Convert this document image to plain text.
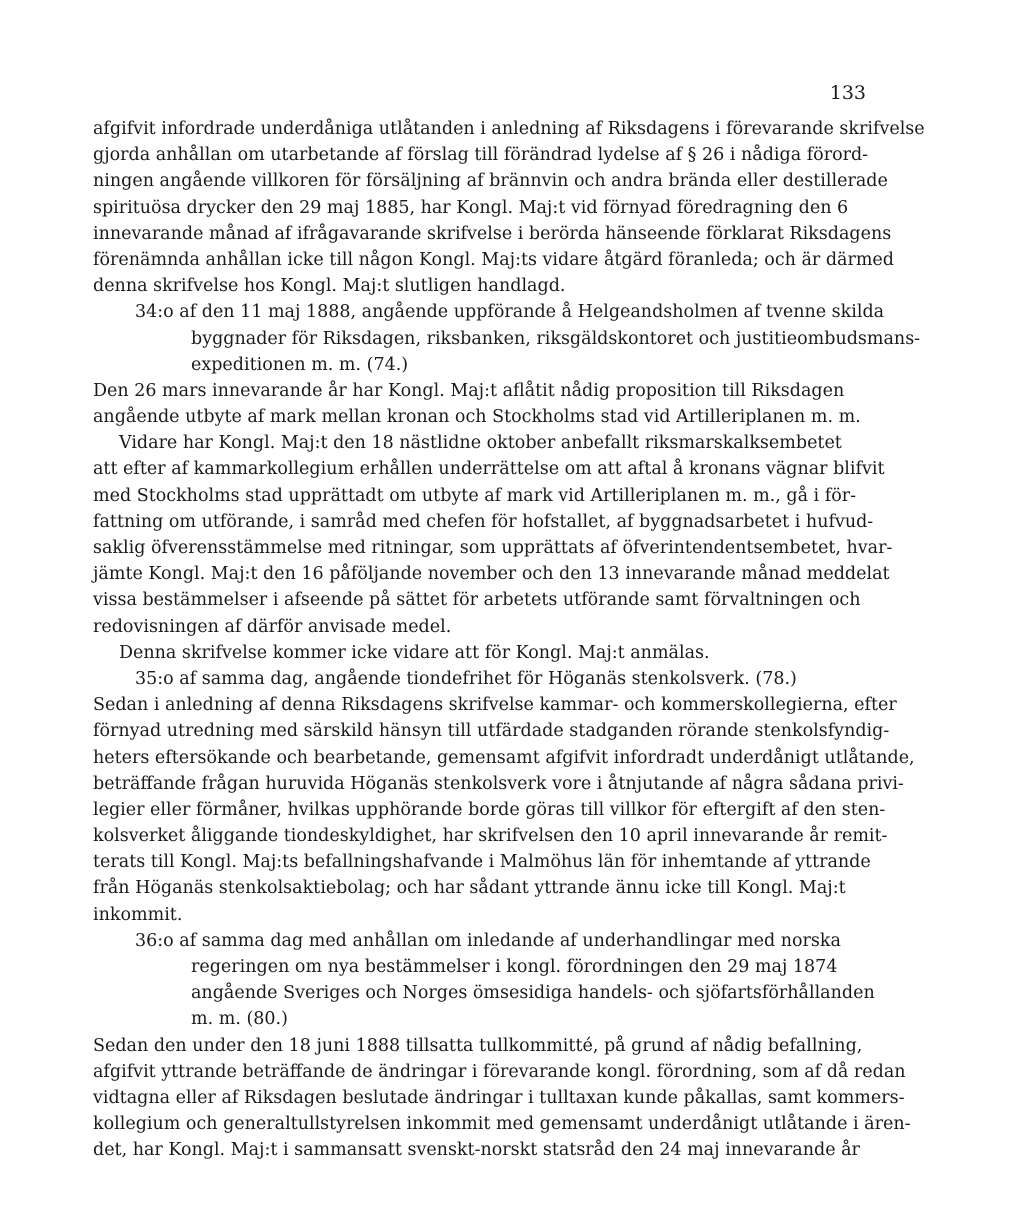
133
afgifvit infordrade underdåniga utlåtanden i anledning af Riksdagens i förevarande skrifvelse
gjorda anhållan om utarbetande af förslag till förändrad lydelse af § 26 i nådiga förord-
ningen angående villkoren för försäljning af brännvin och andra brända eller destillerade
spirituösa drycker den 29 maj 1885, har Kongl. Maj:t vid förnyad föredragning den 6
innevarande månad af ifrågavarande skrifvelse i berörda hänseende förklarat Riksdagens
förenämnda anhållan icke till någon Kongl. Maj:ts vidare åtgärd föranleda; och är därmed
denna skrifvelse hos Kongl. Maj:t slutligen handlagd.
34:o af den 11 maj 1888, angående uppförande å Helgeandsholmen af tvenne skilda
byggnader för Riksdagen, riksbanken, riksgäldskontoret och justitieombudsmans-
expeditionen m. m. (74.)
Den 26 mars innevarande år har Kongl. Maj:t aflåtit nådig proposition till Riksdagen
angående utbyte af mark mellan kronan och Stockholms stad vid Artilleriplanen m. m.
Vidare har Kongl. Maj:t den 18 nästlidne oktober anbefallt riksmarskalksembetet
att efter af kammarkollegium erhållen underrättelse om att aftal å kronans vägnar blifvit
med Stockholms stad upprättadt om utbyte af mark vid Artilleriplanen m. m., gå i för-
fattning om utförande, i samråd med chefen för hofstallet, af byggnadsarbetet i hufvud-
saklig öfverensstämmelse med ritningar, som upprättats af öfverintendentsembetet, hvar-
jämte Kongl. Maj:t den 16 påföljande november och den 13 innevarande månad meddelat
vissa bestämmelser i afseende på sättet för arbetets utförande samt förvaltningen och
redovisningen af därför anvisade medel.
Denna skrifvelse kommer icke vidare att för Kongl. Maj:t anmälas.
35:o af samma dag, angående tiondefrihet för Höganäs stenkolsverk. (78.)
Sedan i anledning af denna Riksdagens skrifvelse kammar- och kommerskollegierna, efter
förnyad utredning med särskild hänsyn till utfärdade stadganden rörande stenkolsfyndig-
heters eftersökande och bearbetande, gemensamt afgifvit infordradt underdånigt utlåtande,
beträffande frågan huruvida Höganäs stenkolsverk vore i åtnjutande af några sådana privi-
legier eller förmåner, hvilkas upphörande borde göras till villkor för eftergift af den sten-
kolsverket åliggande tiondeskyldighet, har skrifvelsen den 10 april innevarande år remit-
terats till Kongl. Maj:ts befallningshafvande i Malmöhus län för inhemtande af yttrande
från Höganäs stenkolsaktiebolag; och har sådant yttrande ännu icke till Kongl. Maj:t
inkommit.
36:o af samma dag med anhållan om inledande af underhandlingar med norska
regeringen om nya bestämmelser i kongl. förordningen den 29 maj 1874
angående Sveriges och Norges ömsesidiga handels- och sjöfartsförhållanden
m. m. (80.)
Sedan den under den 18 juni 1888 tillsatta tullkommitté, på grund af nådig befallning,
afgifvit yttrande beträffande de ändringar i förevarande kongl. förordning, som af då redan
vidtagna eller af Riksdagen beslutade ändringar i tulltaxan kunde påkallas, samt kommers-
kollegium och generaltullstyrelsen inkommit med gemensamt underdånigt utlåtande i ären-
det, har Kongl. Maj:t i sammansatt svenskt-norskt statsråd den 24 maj innevarande år
